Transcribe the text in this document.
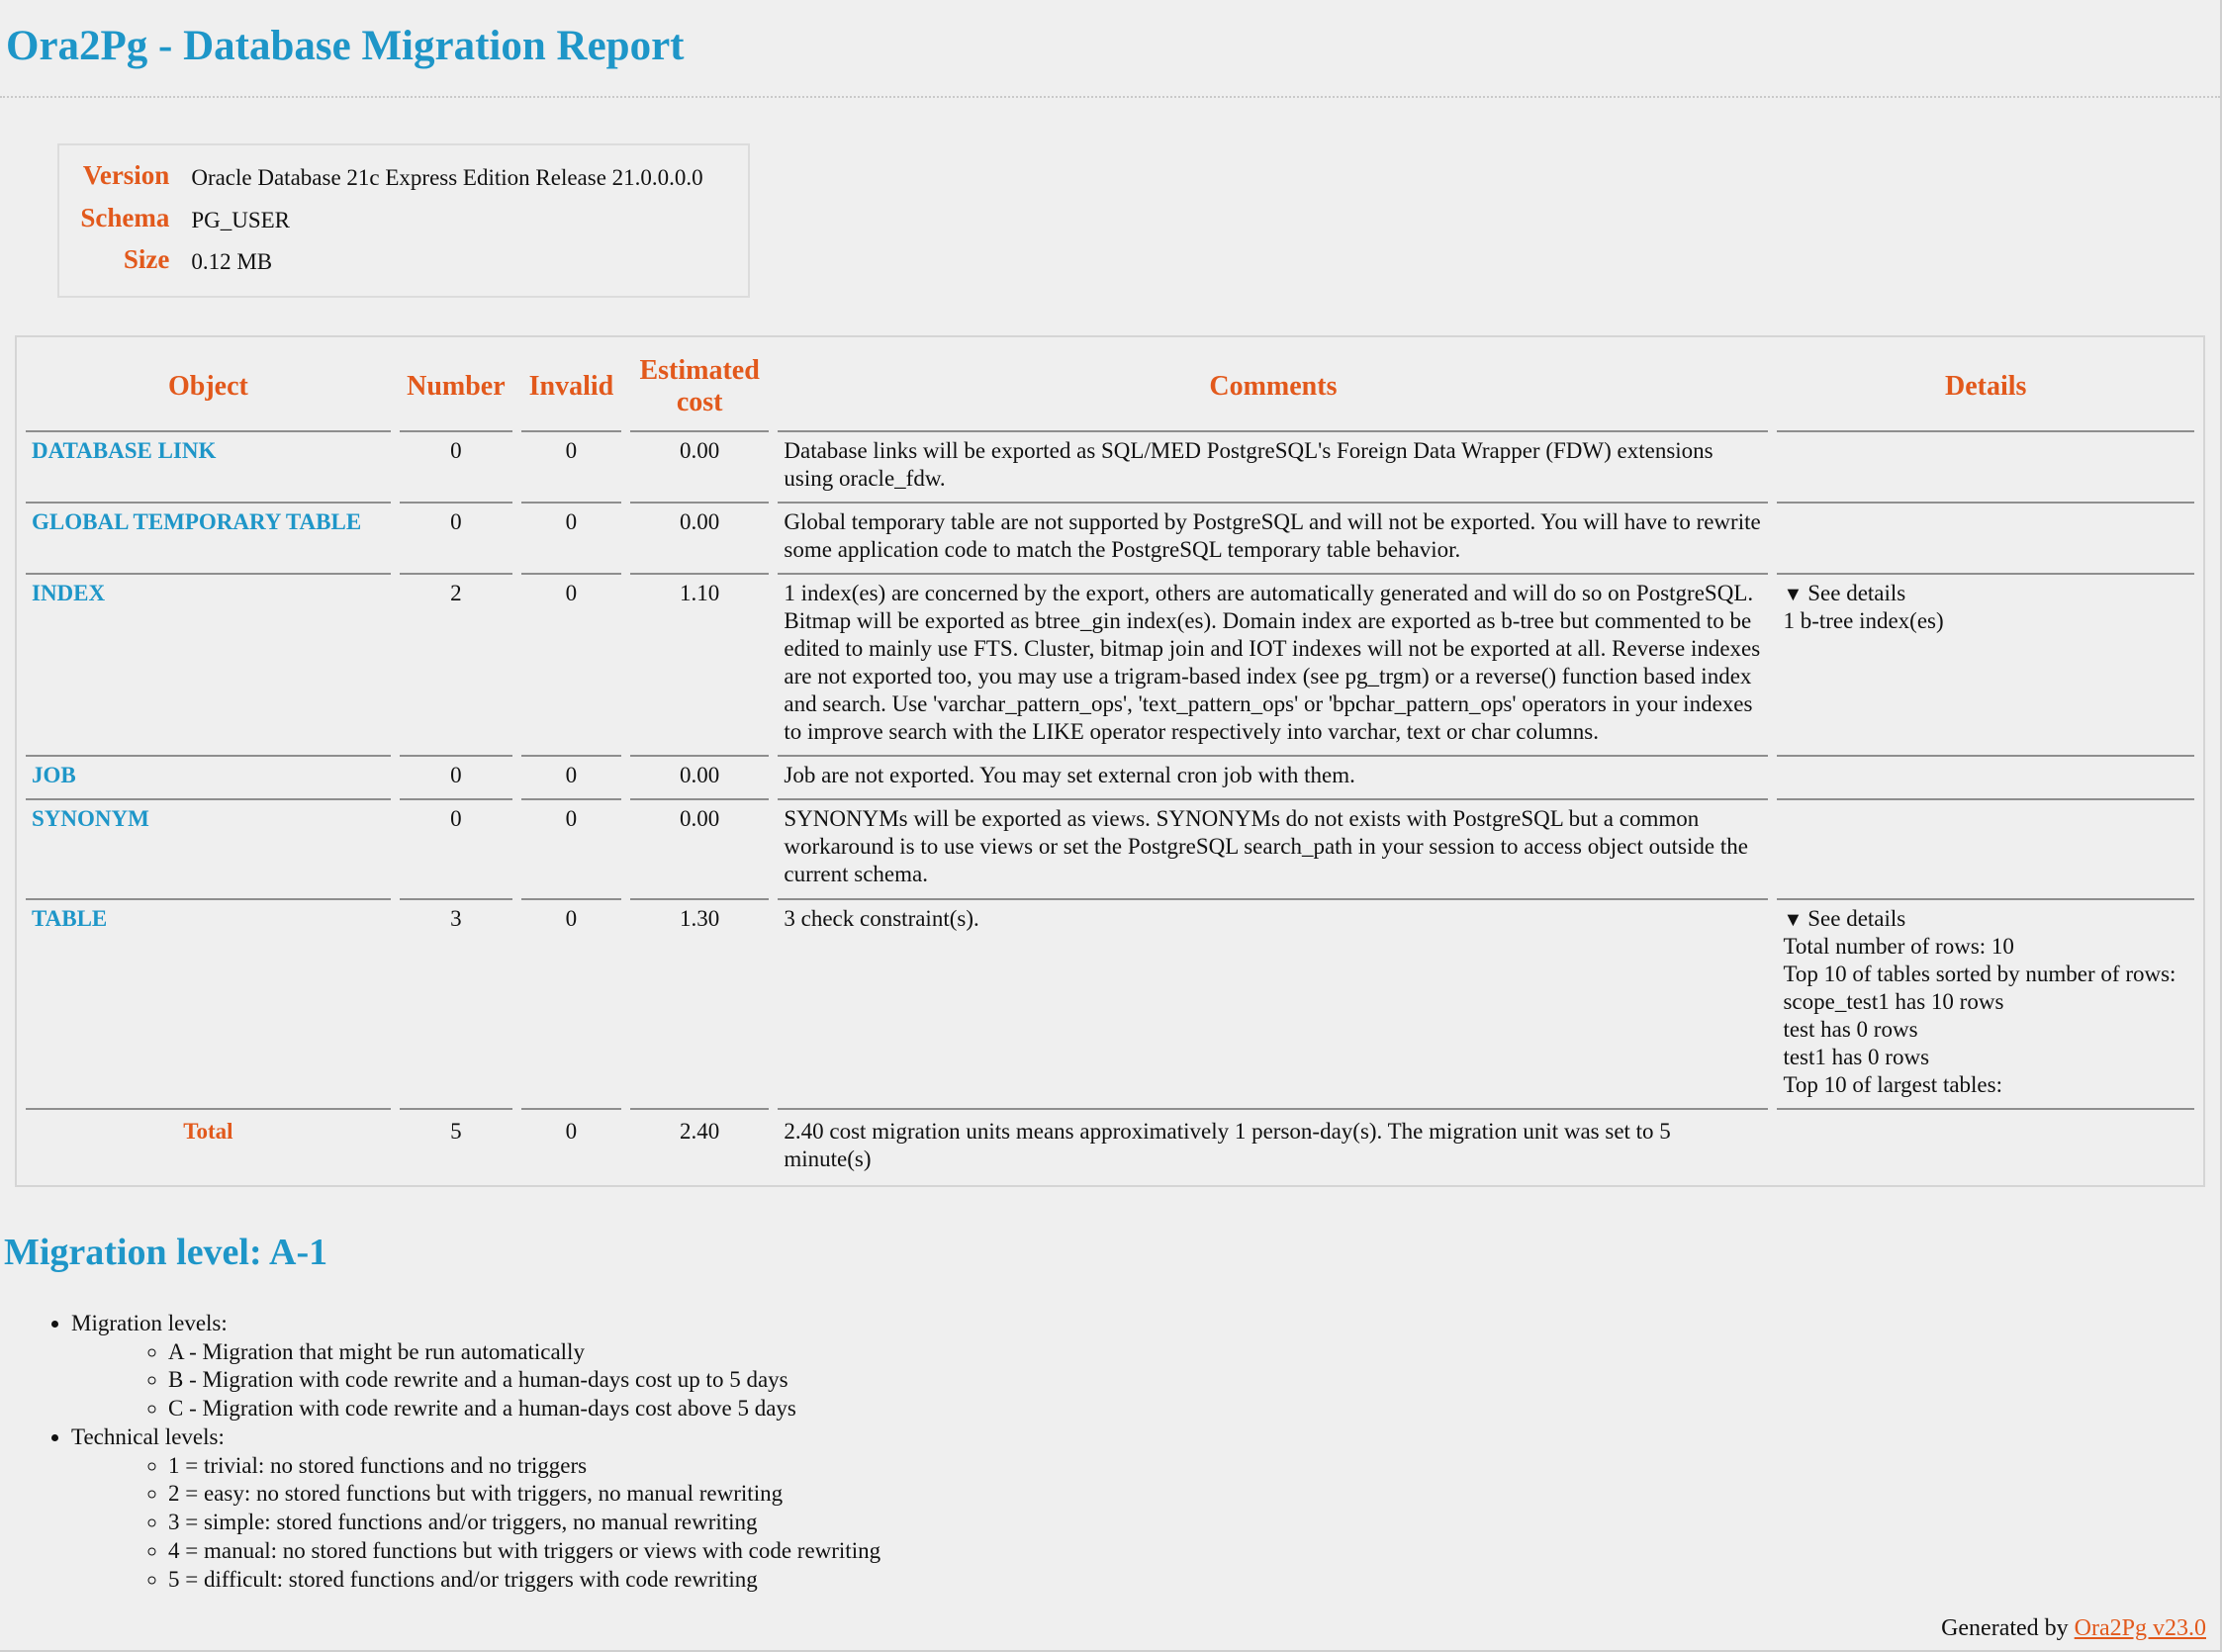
Ora2Pg - Database Migration Report
Version Oracle Database 21c Express Edition Release 21.0.0.0.0
Schema PG_USER
Size 0.12 MB
Object	Number	Invalid	Estimated cost	Comments	Details
DATABASE LINK	0	0	0.00	Database links will be exported as SQL/MED PostgreSQL's Foreign Data Wrapper (FDW) extensions using oracle_fdw.	
GLOBAL TEMPORARY TABLE	0	0	0.00	Global temporary table are not supported by PostgreSQL and will not be exported. You will have to rewrite some application code to match the PostgreSQL temporary table behavior.	
INDEX	2	0	1.10	1 index(es) are concerned by the export, others are automatically generated and will do so on PostgreSQL. Bitmap will be exported as btree_gin index(es). Domain index are exported as b-tree but commented to be edited to mainly use FTS. Cluster, bitmap join and IOT indexes will not be exported at all. Reverse indexes are not exported too, you may use a trigram-based index (see pg_trgm) or a reverse() function based index and search. Use 'varchar_pattern_ops', 'text_pattern_ops' or 'bpchar_pattern_ops' operators in your indexes to improve search with the LIKE operator respectively into varchar, text or char columns.	▼ See details
1 b-tree index(es)

JOB	0	0	0.00	Job are not exported. You may set external cron job with them.	
SYNONYM	0	0	0.00	SYNONYMs will be exported as views. SYNONYMs do not exists with PostgreSQL but a common workaround is to use views or set the PostgreSQL search_path in your session to access object outside the current schema.	
TABLE	3	0	1.30	3 check constraint(s).	▼ See details
Total number of rows: 10
Top 10 of tables sorted by number of rows:
scope_test1 has 10 rows
test has 0 rows
test1 has 0 rows
Top 10 of largest tables:

Total	5	0	2.40	2.40 cost migration units means approximatively 1 person-day(s). The migration unit was set to 5 minute(s)	
Migration level: A-1
• Migration levels:
◦ A - Migration that might be run automatically
◦ B - Migration with code rewrite and a human-days cost up to 5 days
◦ C - Migration with code rewrite and a human-days cost above 5 days
• Technical levels:
◦ 1 = trivial: no stored functions and no triggers
◦ 2 = easy: no stored functions but with triggers, no manual rewriting
◦ 3 = simple: stored functions and/or triggers, no manual rewriting
◦ 4 = manual: no stored functions but with triggers or views with code rewriting
◦ 5 = difficult: stored functions and/or triggers with code rewriting
Generated by Ora2Pg v23.0
